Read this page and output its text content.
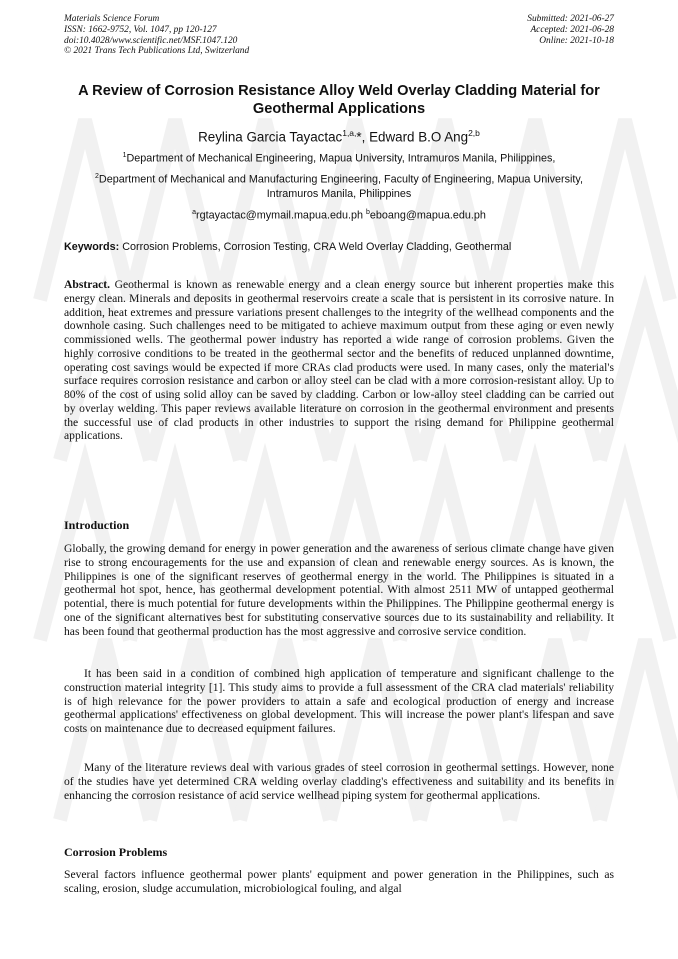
Materials Science Forum
ISSN: 1662-9752, Vol. 1047, pp 120-127
doi:10.4028/www.scientific.net/MSF.1047.120
© 2021 Trans Tech Publications Ltd, Switzerland
Submitted: 2021-06-27
Accepted: 2021-06-28
Online: 2021-10-18
A Review of Corrosion Resistance Alloy Weld Overlay Cladding Material for Geothermal Applications
Reylina Garcia Tayactac$^{1,a,}$*, Edward B.O Ang$^{2,b}$
$^1$Department of Mechanical Engineering, Mapua University, Intramuros Manila, Philippines,
$^2$Department of Mechanical and Manufacturing Engineering, Faculty of Engineering, Mapua University, Intramuros Manila, Philippines
$^a$rgtayactac@mymail.mapua.edu.ph $^b$eboang@mapua.edu.ph
Keywords: Corrosion Problems, Corrosion Testing, CRA Weld Overlay Cladding, Geothermal

Abstract. Geothermal is known as renewable energy and a clean energy source but inherent properties make this energy clean. Minerals and deposits in geothermal reservoirs create a scale that is persistent in its corrosive nature. In addition, heat extremes and pressure variations present challenges to the integrity of the wellhead components and the downhole casing. Such challenges need to be mitigated to achieve maximum output from these aging or even newly commissioned wells. The geothermal power industry has reported a wide range of corrosion problems. Given the highly corrosive conditions to be treated in the geothermal sector and the benefits of reduced unplanned downtime, operating cost savings would be expected if more CRAs clad products were used. In many cases, only the material's surface requires corrosion resistance and carbon or alloy steel can be clad with a more corrosion-resistant alloy. Up to 80% of the cost of using solid alloy can be saved by cladding. Carbon or low-alloy steel cladding can be carried out by overlay welding. This paper reviews available literature on corrosion in the geothermal environment and presents the successful use of clad products in other industries to support the rising demand for Philippine geothermal applications.

Introduction

Globally, the growing demand for energy in power generation and the awareness of serious climate change have given rise to strong encouragements for the use and expansion of clean and renewable energy sources. As is known, the Philippines is one of the significant reserves of geothermal energy in the world. The Philippines is situated in a geothermal hot spot, hence, has geothermal development potential. With almost 2511 MW of untapped geothermal potential, there is much potential for future developments within the Philippines. The Philippine geothermal energy is one of the significant alternatives best for substituting conservative sources due to its sustainability and reliability. It has been found that geothermal production has the most aggressive and corrosive service condition.

It has been said in a condition of combined high application of temperature and significant challenge to the construction material integrity [1]. This study aims to provide a full assessment of the CRA clad materials' reliability is of high relevance for the power providers to attain a safe and ecological production of energy and increase geothermal applications' effectiveness on global development. This will increase the power plant's lifespan and save costs on maintenance due to decreased equipment failures.

Many of the literature reviews deal with various grades of steel corrosion in geothermal settings. However, none of the studies have yet determined CRA welding overlay cladding's effectiveness and suitability and its benefits in enhancing the corrosion resistance of acid service wellhead piping system for geothermal applications.

Corrosion Problems

Several factors influence geothermal power plants' equipment and power generation in the Philippines, such as scaling, erosion, sludge accumulation, microbiological fouling, and algal
